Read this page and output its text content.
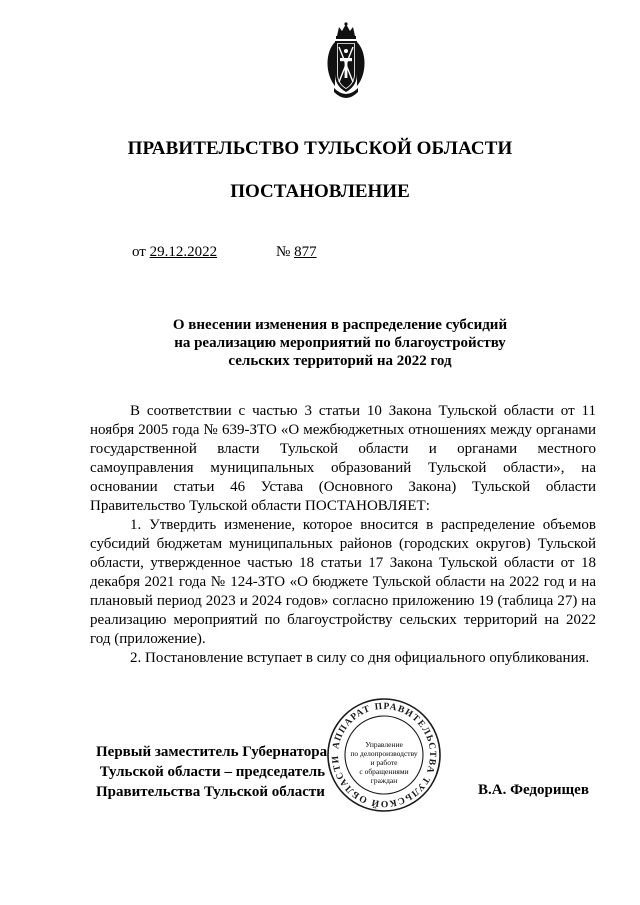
ПРАВИТЕЛЬСТВО ТУЛЬСКОЙ ОБЛАСТИ
ПОСТАНОВЛЕНИЕ
от 29.12.2022	№ 877
О внесении изменения в распределение субсидий
на реализацию мероприятий по благоустройству
сельских территорий на 2022 год

В соответствии с частью 3 статьи 10 Закона Тульской области от 11 ноября 2005 года № 639-ЗТО «О межбюджетных отношениях между органами государственной власти Тульской области и органами местного самоуправления муниципальных образований Тульской области», на основании статьи 46 Устава (Основного Закона) Тульской области Правительство Тульской области ПОСТАНОВЛЯЕТ:

1. Утвердить изменение, которое вносится в распределение объемов субсидий бюджетам муниципальных районов (городских округов) Тульской области, утвержденное частью 18 статьи 17 Закона Тульской области от 18 декабря 2021 года № 124-ЗТО «О бюджете Тульской области на 2022 год и на плановый период 2023 и 2024 годов» согласно приложению 19 (таблица 27) на реализацию мероприятий по благоустройству сельских территорий на 2022 год (приложение).

2. Постановление вступает в силу со дня официального опубликования.

Первый заместитель Губернатора
Тульской области – председатель
Правительства Тульской области	В.А. Федорищев
АППАРАТ ПРАВИТЕЛЬСТВА ТУЛЬСКОЙ ОБЛАСТИ
Управление
по делопроизводству
и работе
с обращениями
граждан
